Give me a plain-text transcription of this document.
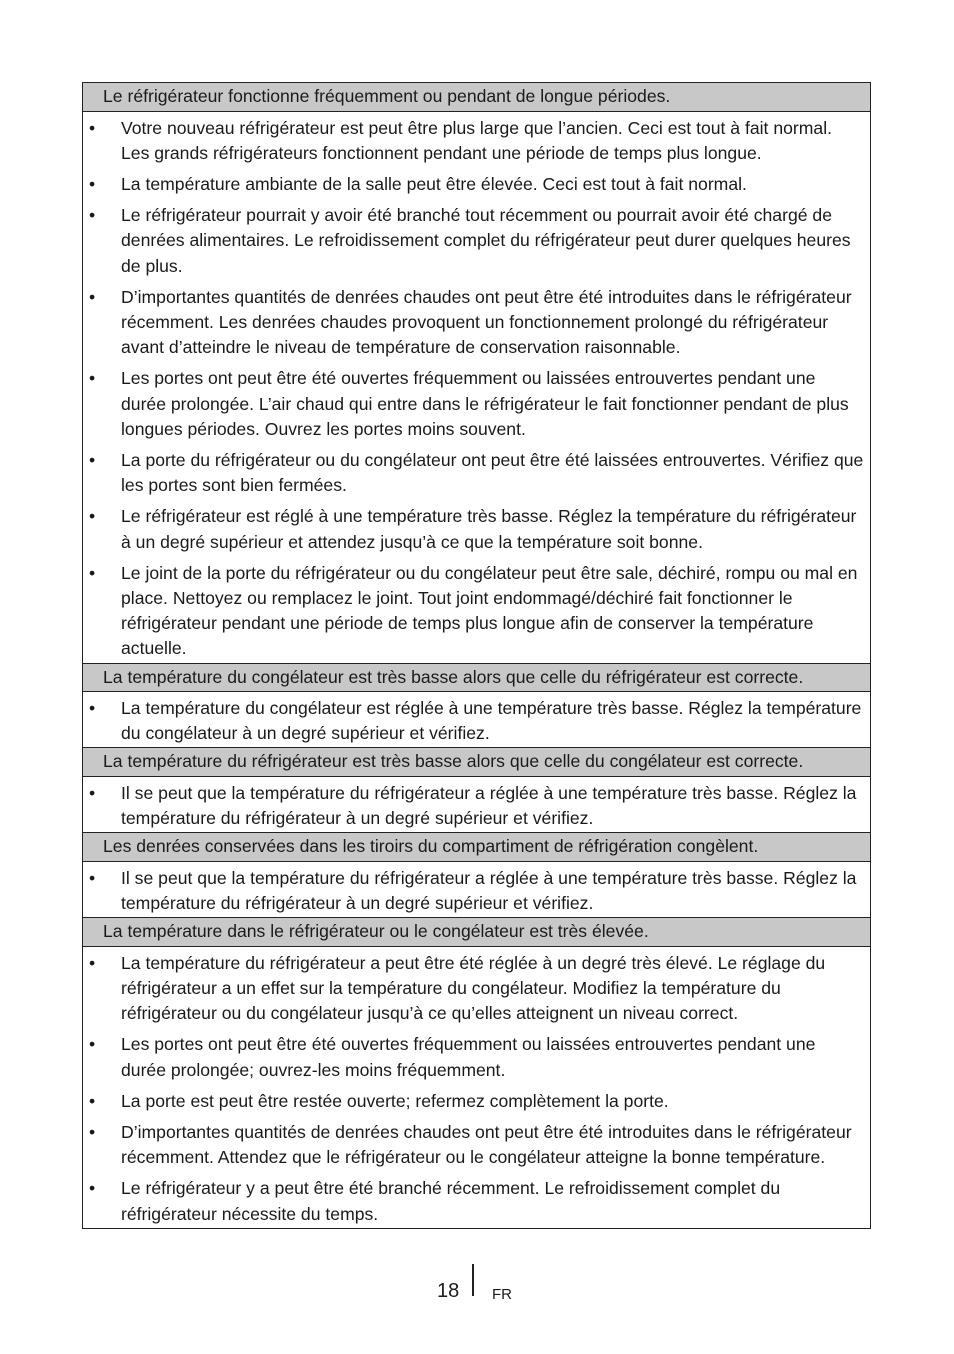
Le réfrigérateur fonctionne fréquemment ou pendant de longue périodes.
•	Votre nouveau réfrigérateur est peut être plus large que l’ancien. Ceci est tout à fait normal. Les grands réfrigérateurs fonctionnent pendant une période de temps plus longue.
•	La température ambiante de la salle peut être élevée. Ceci est tout à fait normal.
•	Le réfrigérateur pourrait y avoir été branché tout récemment ou pourrait avoir été chargé de denrées alimentaires. Le refroidissement complet du réfrigérateur peut durer quelques heures de plus.
•	D’importantes quantités de denrées chaudes ont peut être été introduites dans le réfrigérateur récemment. Les denrées chaudes provoquent un fonctionnement prolongé du réfrigérateur avant d’atteindre le niveau de température de conservation raisonnable.
•	Les portes ont peut être été ouvertes fréquemment ou laissées entrouvertes pendant une durée prolongée. L’air chaud qui entre dans le réfrigérateur le fait fonctionner pendant de plus longues périodes. Ouvrez les portes moins souvent.
•	La porte du réfrigérateur ou du congélateur ont peut être été laissées entrouvertes. Vérifiez que les portes sont bien fermées.
•	Le réfrigérateur est réglé à une température très basse. Réglez la température du réfrigérateur à un degré supérieur et attendez jusqu’à ce que la température soit bonne.
•	Le joint de la porte du réfrigérateur ou du congélateur peut être sale, déchiré, rompu ou mal en place. Nettoyez ou remplacez le joint. Tout joint endommagé/déchiré fait fonctionner le réfrigérateur pendant une période de temps plus longue afin de conserver la température actuelle.
La température du congélateur est très basse alors que celle du réfrigérateur est correcte.
•	La température du congélateur est réglée à une température très basse. Réglez la température du congélateur à un degré supérieur et vérifiez.
La température du réfrigérateur est très basse alors que celle du congélateur est correcte.
•	Il se peut que la température du réfrigérateur a réglée à une température très basse. Réglez la température du réfrigérateur à un degré supérieur et vérifiez.
Les denrées conservées dans les tiroirs du compartiment de réfrigération congèlent.
•	Il se peut que la température du réfrigérateur a réglée à une température très basse. Réglez la température du réfrigérateur à un degré supérieur et vérifiez.
La température dans le réfrigérateur ou le congélateur est très élevée.
•	La température du réfrigérateur a peut être été réglée à un degré très élevé. Le réglage du réfrigérateur a un effet sur la température du congélateur. Modifiez la température du réfrigérateur ou du congélateur jusqu’à ce qu’elles atteignent un niveau correct.
•	Les portes ont peut être été ouvertes fréquemment ou laissées entrouvertes pendant une durée prolongée; ouvrez-les moins fréquemment.
•	La porte est peut être restée ouverte; refermez complètement la porte.
•	D’importantes quantités de denrées chaudes ont peut être été introduites dans le réfrigérateur récemment. Attendez que le réfrigérateur ou le congélateur atteigne la bonne température.
•	Le réfrigérateur y a peut être été branché récemment. Le refroidissement complet du réfrigérateur nécessite du temps.
18 FR
